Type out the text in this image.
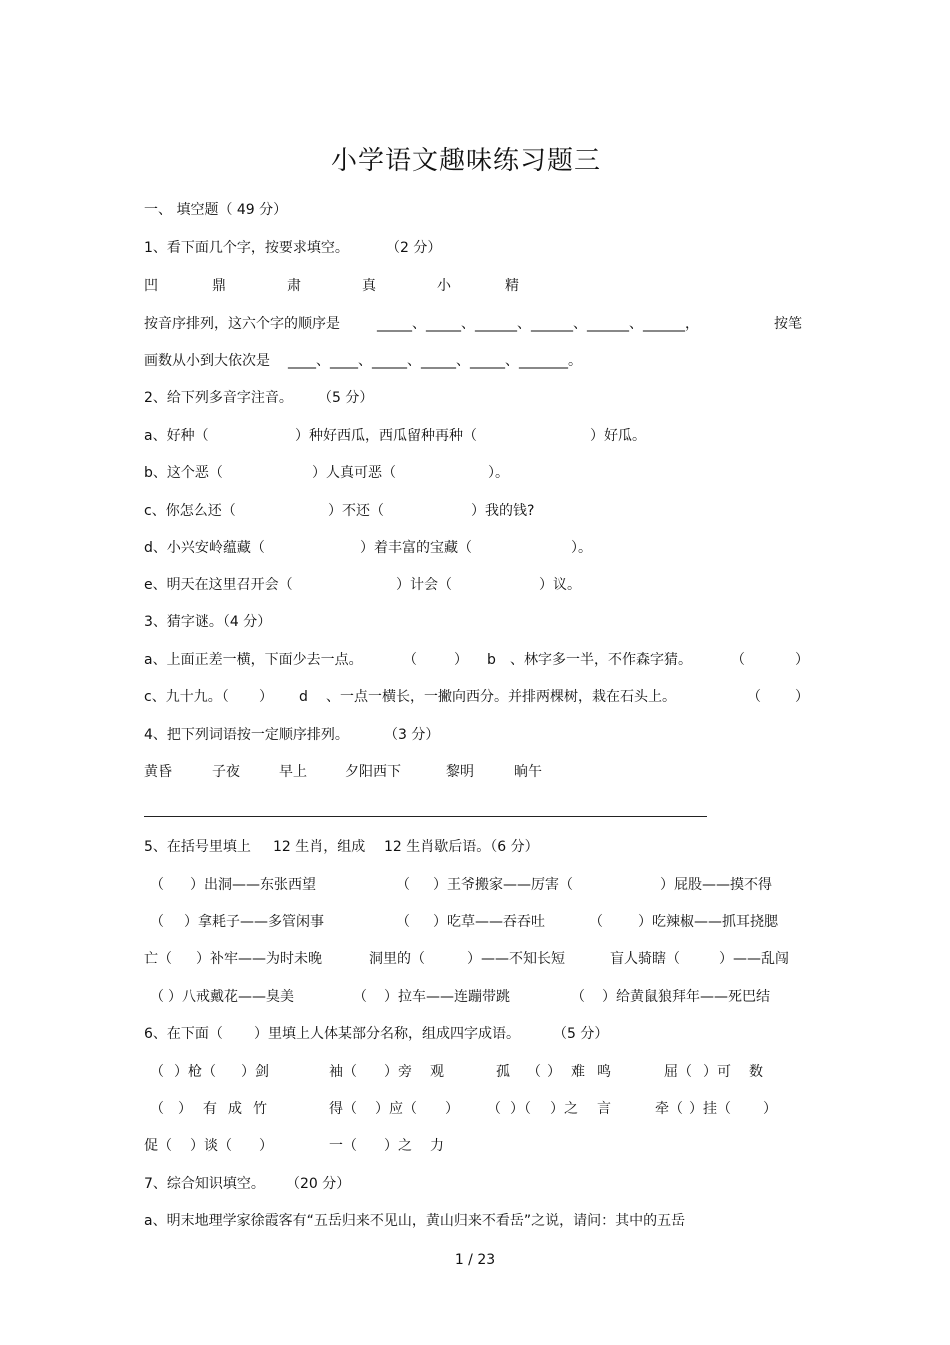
小学语文趣味练习题三
一、 填空题（ 49 分）
1、看下面几个字，按要求填空。	（2 分）
凹	鼎	肃	真	小	精
按音序排列，这六个字的顺序是	_____、_____、______、______、______、______，	按笔
画数从小到大依次是 ____、____、_____、_____、_____、_______。
2、给下列多音字注音。 （5 分）
a、好种（	）种好西瓜，西瓜留种再种（	）好瓜。
b、这个恶（	）人真可恶（	）。
c、你怎么还（	）不还（	）我的钱?
d、小兴安岭蕴藏（	）着丰富的宝藏（	）。
e、明天在这里召开会（	）计会（	）议。
3、猜字谜。（4 分）
a、上面正差一横，下面少去一点。	（	） b 、林字多一半，不作森字猜。	（	）
c、九十九。（ ） d 、一点一横长，一撇向西分。并排两棵树，栽在石头上。	（ ）
4、把下列词语按一定顺序排列。	（3 分）
黄昏	子夜	早上	夕阳西下	黎明	晌午
5、在括号里填上 12 生肖，组成 12 生肖歇后语。（6 分）
（ ）出洞——东张西望	（ ）王爷搬家——厉害（	）屁股——摸不得
（ ）拿耗子——多管闲事	（ ）吃草——吞吞吐	（	）吃辣椒——抓耳挠腮
亡（ ）补牢——为时未晚	洞里的（	）——不知长短	盲人骑瞎（	）——乱闯
（ ）八戒戴花——臭美	（ ）拉车——连蹦带跳	（ ）给黄鼠狼拜年——死巴结
6、在下面（ ）里填上人体某部分名称，组成四字成语。 （5 分）
（ ）枪（ ）剑	袖（ ）旁 观	孤 （ ） 难 鸣	屈（ ）可 数
（ ） 有 成 竹	得（ ）应（ ） （ ）（ ）之 言	牵（ ）挂（ ）
促（ ）谈（ ）	一（ ）之 力
7、综合知识填空。 （20 分）
a、明末地理学家徐霞客有“五岳归来不见山，黄山归来不看岳”之说，请问：其中的五岳
1 / 23
